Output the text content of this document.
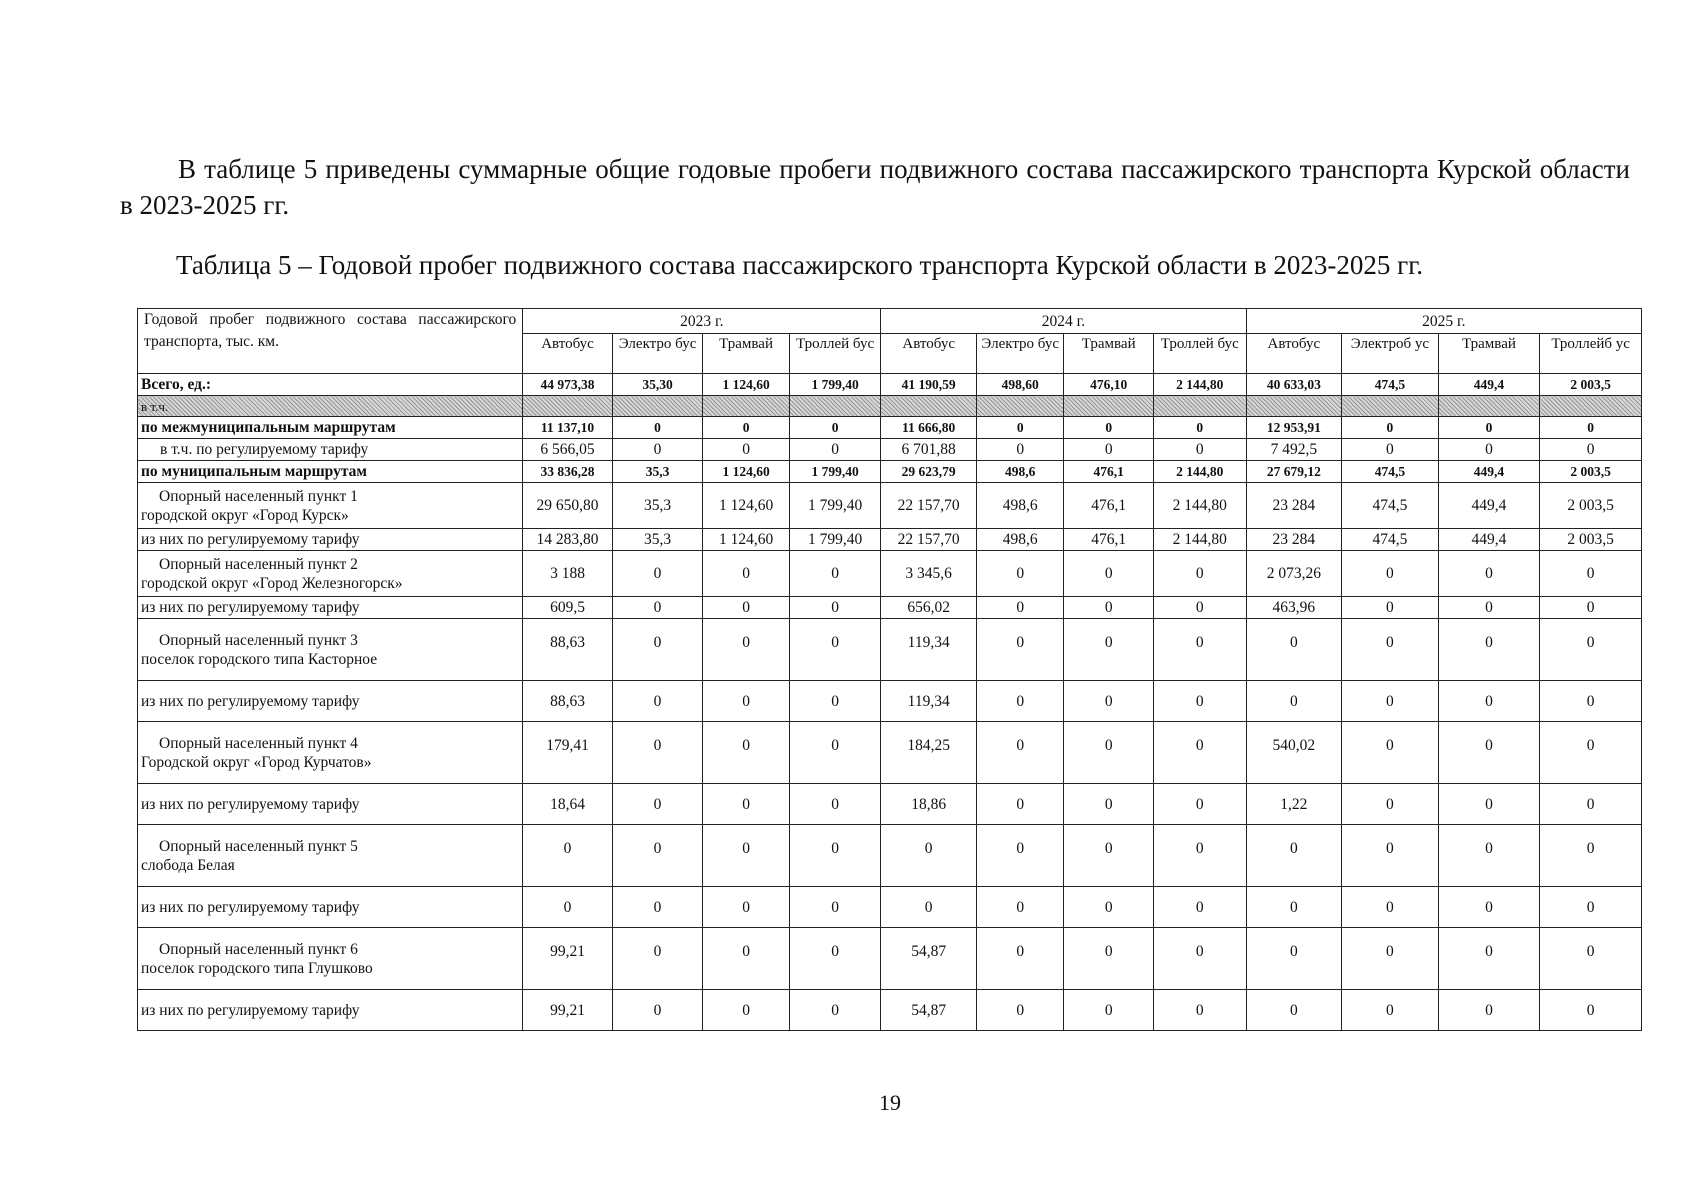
В таблице 5 приведены суммарные общие годовые пробеги подвижного состава пассажирского транспорта Курской области в 2023-2025 гг.

Таблица 5 – Годовой пробег подвижного состава пассажирского транспорта Курской области в 2023-2025 гг.
Годовой пробег подвижного состава пассажирского транспорта, тыс. км.	2023 г.				2024 г.				2025 г.			
	Автобус	Электро бус	Трамвай	Троллей бус	Автобус	Электро бус	Трамвай	Троллей бус	Автобус	Электроб ус	Трамвай	Троллейб ус

Всего, ед.:	44 973,38	35,30	1 124,60	1 799,40	41 190,59	498,60	476,10	2 144,80	40 633,03	474,5	449,4	2 003,5

в т.ч.												

по межмуниципальным маршрутам	11 137,10	0	0	0	11 666,80	0	0	0	12 953,91	0	0	0

в т.ч. по регулируемому тарифу	6 566,05	0	0	0	6 701,88	0	0	0	7 492,5	0	0	0

по муниципальным маршрутам	33 836,28	35,3	1 124,60	1 799,40	29 623,79	498,6	476,1	2 144,80	27 679,12	474,5	449,4	2 003,5

Опорный населенный пункт 1
городской округ «Город Курск»	29 650,80	35,3	1 124,60	1 799,40	22 157,70	498,6	476,1	2 144,80	23 284	474,5	449,4	2 003,5

из них по регулируемому тарифу	14 283,80	35,3	1 124,60	1 799,40	22 157,70	498,6	476,1	2 144,80	23 284	474,5	449,4	2 003,5

Опорный населенный пункт 2
городской округ «Город Железногорск»	3 188	0	0	0	3 345,6	0	0	0	2 073,26	0	0	0

из них по регулируемому тарифу	609,5	0	0	0	656,02	0	0	0	463,96	0	0	0

Опорный населенный пункт 3
поселок городского типа Касторное	88,63	0	0	0	119,34	0	0	0	0	0	0	0

из них по регулируемому тарифу	88,63	0	0	0	119,34	0	0	0	0	0	0	0

Опорный населенный пункт 4
Городской округ «Город Курчатов»	179,41	0	0	0	184,25	0	0	0	540,02	0	0	0

из них по регулируемому тарифу	18,64	0	0	0	18,86	0	0	0	1,22	0	0	0

Опорный населенный пункт 5
слобода Белая	0	0	0	0	0	0	0	0	0	0	0	0

из них по регулируемому тарифу	0	0	0	0	0	0	0	0	0	0	0	0

Опорный населенный пункт 6
поселок городского типа Глушково	99,21	0	0	0	54,87	0	0	0	0	0	0	0

из них по регулируемому тарифу	99,21	0	0	0	54,87	0	0	0	0	0	0	0
19
